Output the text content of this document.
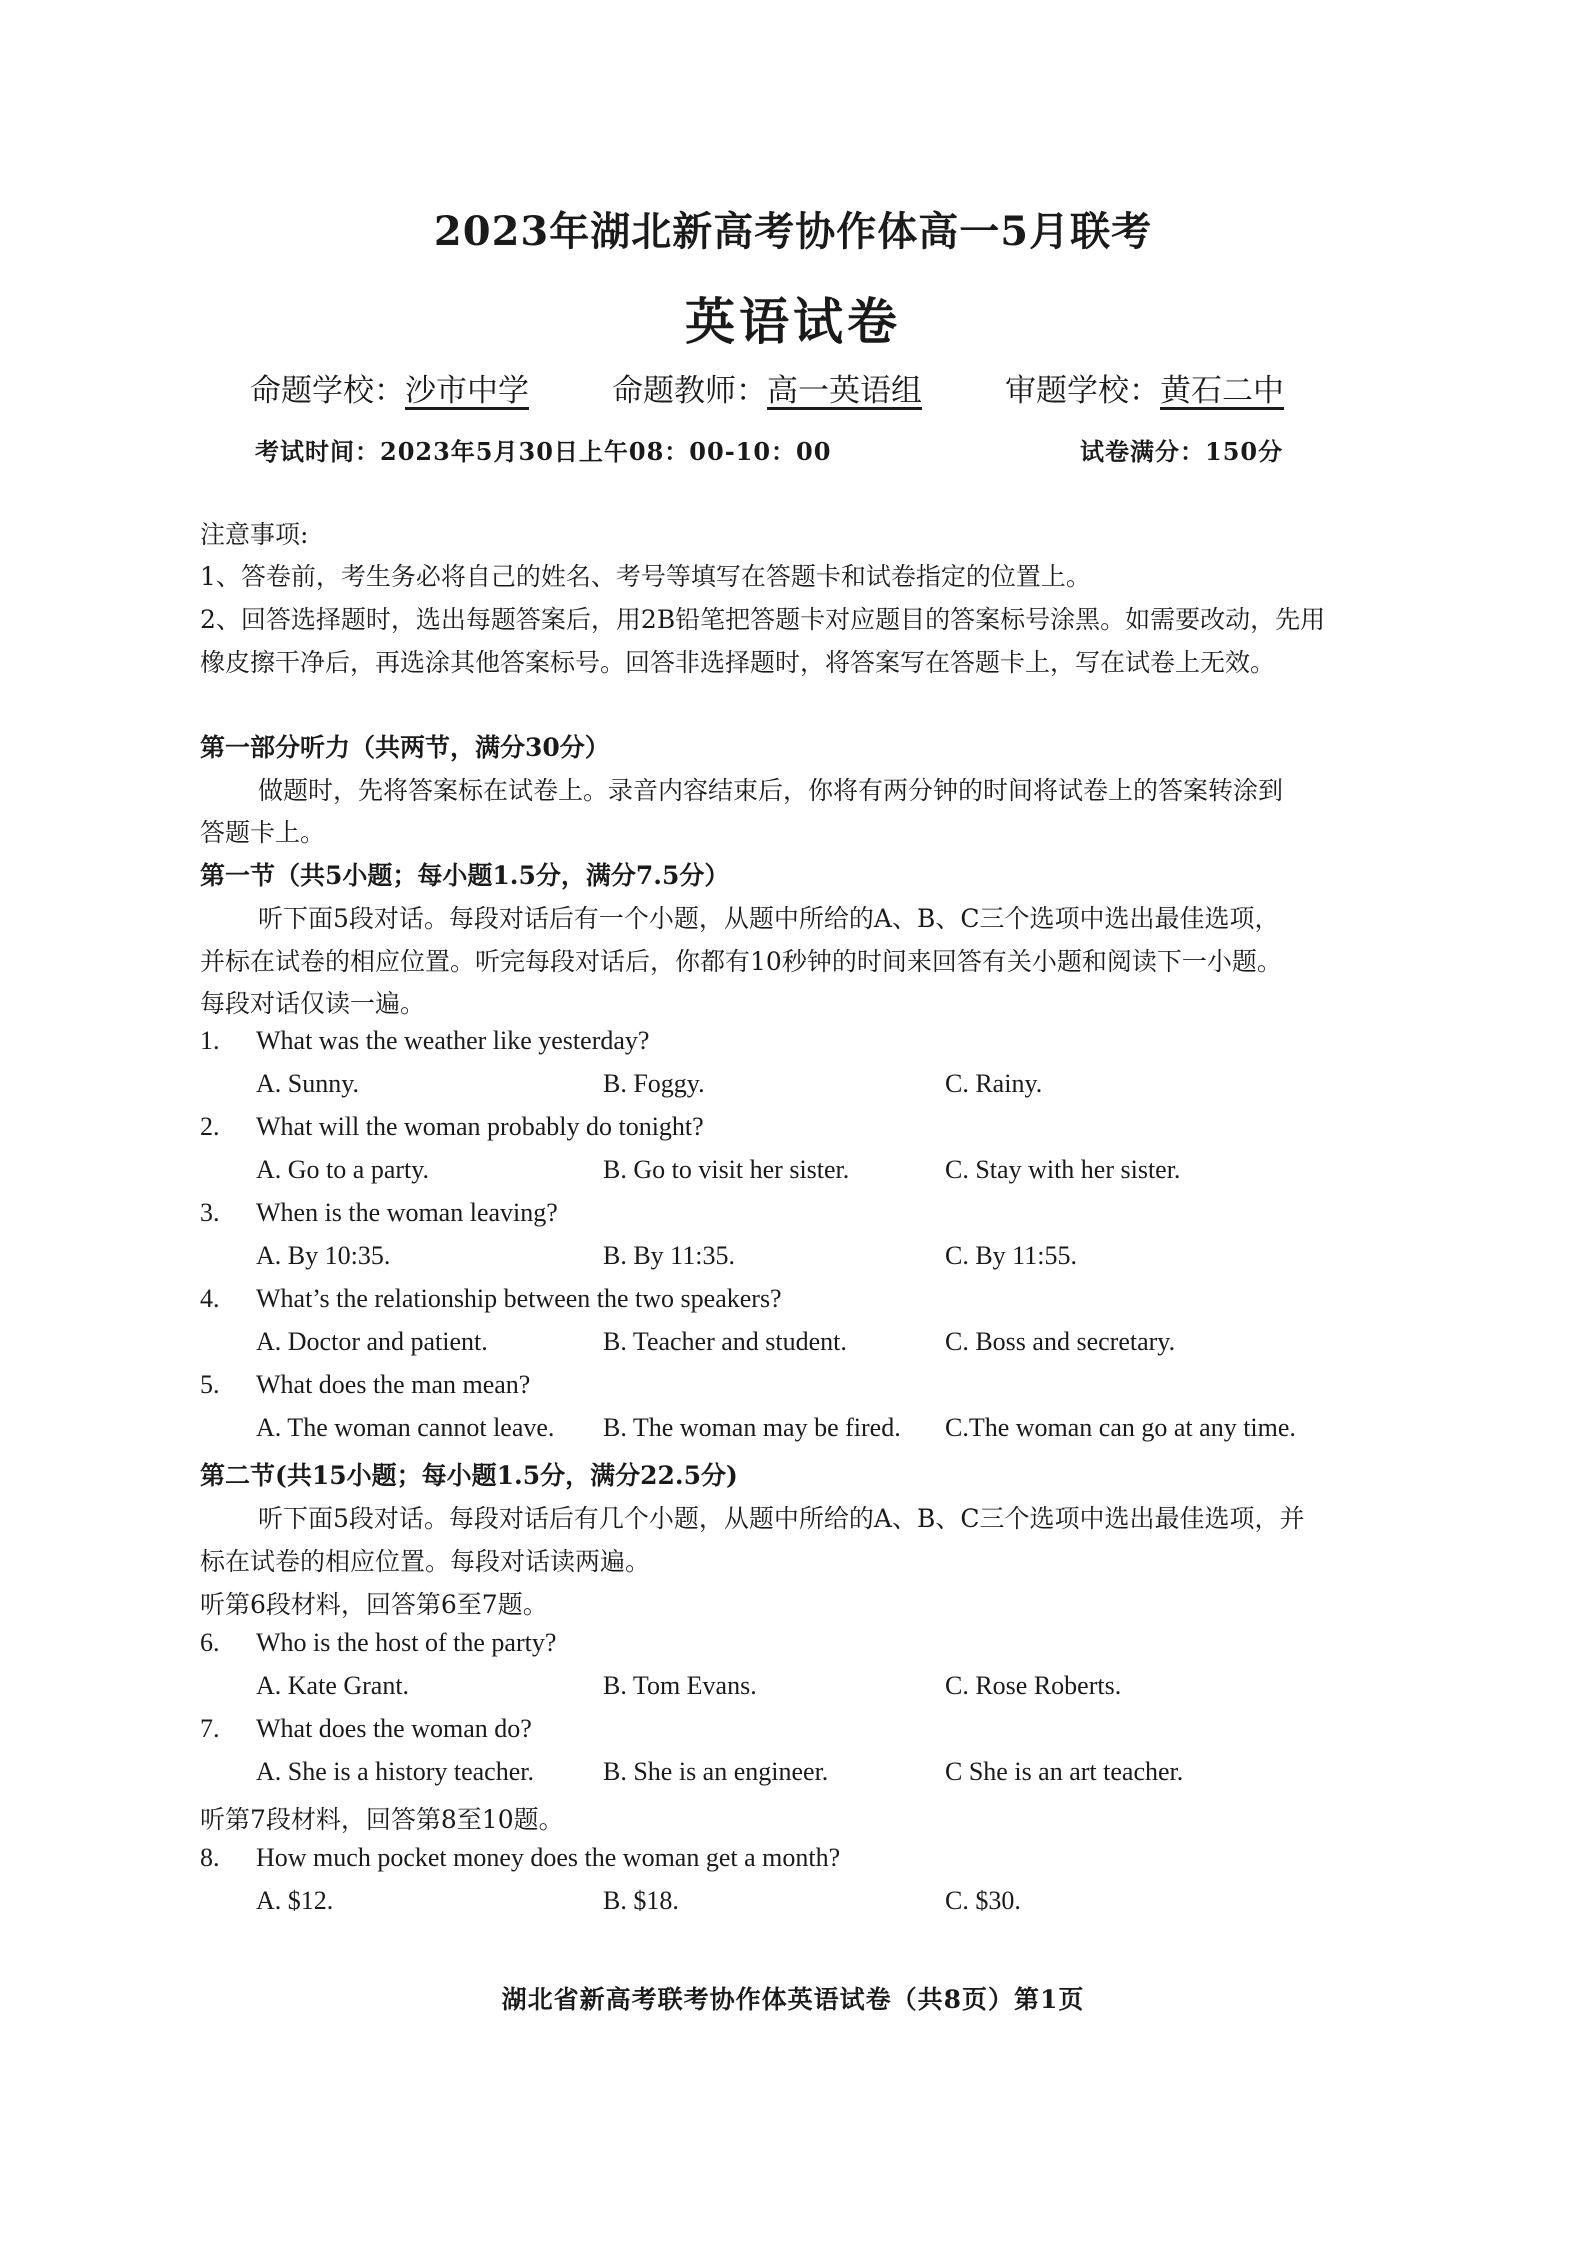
2023年湖北新高考协作体高一5月联考
英语试卷
命题学校：沙市中学	命题教师：高一英语组	审题学校：黄石二中
考试时间：2023年5月30日上午08：00-10：00	试卷满分：150分
注意事项:
1、答卷前，考生务必将自己的姓名、考号等填写在答题卡和试卷指定的位置上。
2、回答选择题时，选出每题答案后，用2B铅笔把答题卡对应题目的答案标号涂黑。如需要改动，先用
橡皮擦干净后，再选涂其他答案标号。回答非选择题时，将答案写在答题卡上，写在试卷上无效。
第一部分听力（共两节，满分30分）
做题时，先将答案标在试卷上。录音内容结束后，你将有两分钟的时间将试卷上的答案转涂到
答题卡上。
第一节（共5小题；每小题1.5分，满分7.5分）
听下面5段对话。每段对话后有一个小题，从题中所给的A、B、C三个选项中选出最佳选项，
并标在试卷的相应位置。听完每段对话后，你都有10秒钟的时间来回答有关小题和阅读下一小题。
每段对话仅读一遍。
1. What was the weather like yesterday?
A. Sunny.	B. Foggy.	C. Rainy.
2. What will the woman probably do tonight?
A. Go to a party.	B. Go to visit her sister.	C. Stay with her sister.
3. When is the woman leaving?
A. By 10:35.	B. By 11:35.	C. By 11:55.
4. What’s the relationship between the two speakers?
A. Doctor and patient.	B. Teacher and student.	C. Boss and secretary.
5. What does the man mean?
A. The woman cannot leave. B. The woman may be fired. C.The woman can go at any time.
第二节(共15小题；每小题1.5分，满分22.5分)
听下面5段对话。每段对话后有几个小题，从题中所给的A、B、C三个选项中选出最佳选项，并
标在试卷的相应位置。每段对话读两遍。
听第6段材料，回答第6至7题。
6. Who is the host of the party?
A. Kate Grant.	B. Tom Evans.	C. Rose Roberts.
7. What does the woman do?
A. She is a history teacher.	B. She is an engineer.	C She is an art teacher.
听第7段材料，回答第8至10题。
8. How much pocket money does the woman get a month?
A. $12.	B. $18.	C. $30.
湖北省新高考联考协作体英语试卷（共8页）第1页
